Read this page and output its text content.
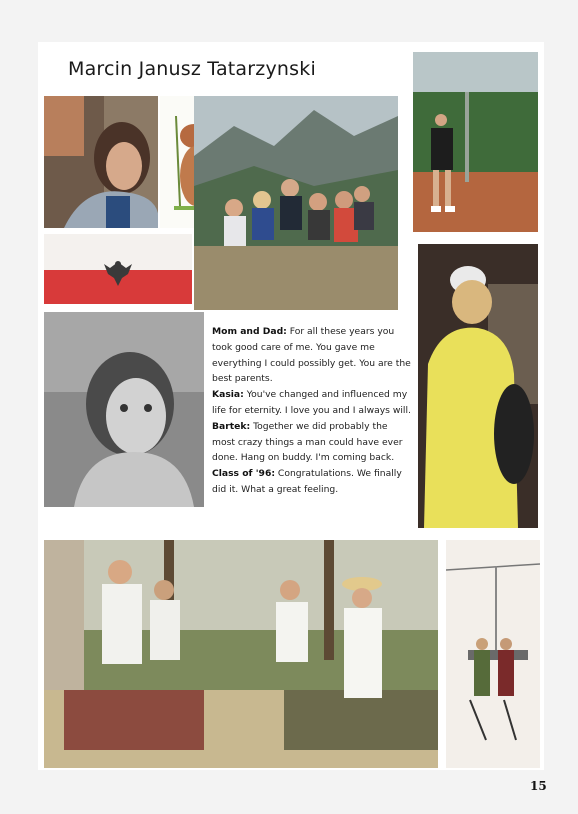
Marcin Janusz Tatarzynski

Mom and Dad: For all these years you took good care of me. You gave me everything I could possibly get. You are the best parents.

Kasia: You've changed and influenced my life for eternity. I love you and I always will.

Bartek: Together we did probably the most crazy things a man could have ever done. Hang on buddy. I'm coming back.

Class of '96: Congratulations. We finally did it. What a great feeling.

15
